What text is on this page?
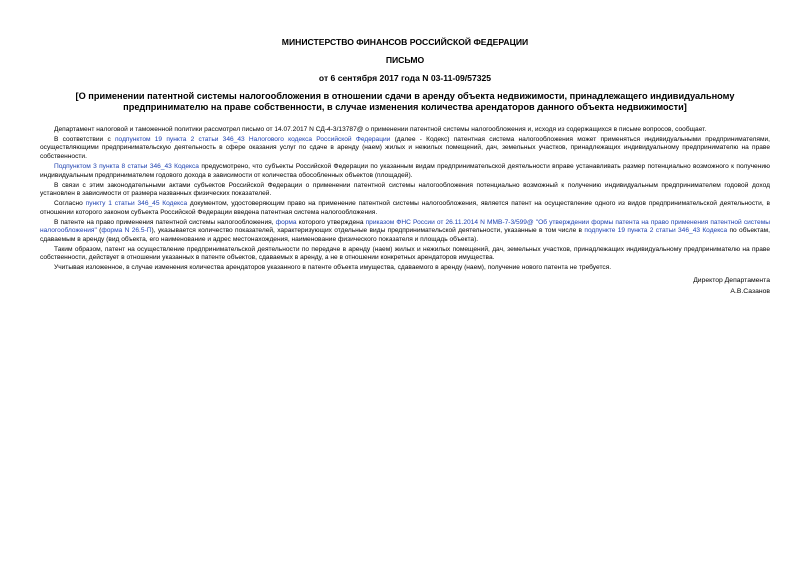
МИНИСТЕРСТВО ФИНАНСОВ РОССИЙСКОЙ ФЕДЕРАЦИИ
ПИСЬМО
от 6 сентября 2017 года N 03-11-09/57325
[О применении патентной системы налогообложения в отношении сдачи в аренду объекта недвижимости, принадлежащего индивидуальному предпринимателю на праве собственности, в случае изменения количества арендаторов данного объекта недвижимости]

Департамент налоговой и таможенной политики рассмотрел письмо от 14.07.2017 N СД-4-3/13787@ о применении патентной системы налогообложения и, исходя из содержащихся в письме вопросов, сообщает.

В соответствии с подпунктом 19 пункта 2 статьи 346_43 Налогового кодекса Российской Федерации (далее - Кодекс) патентная система налогообложения может применяться индивидуальными предпринимателями, осуществляющими предпринимательскую деятельность в сфере оказания услуг по сдаче в аренду (наем) жилых и нежилых помещений, дач, земельных участков, принадлежащих индивидуальному предпринимателю на праве собственности.

Подпунктом 3 пункта 8 статьи 346_43 Кодекса предусмотрено, что субъекты Российской Федерации по указанным видам предпринимательской деятельности вправе устанавливать размер потенциально возможного к получению индивидуальным предпринимателем годового дохода в зависимости от количества обособленных объектов (площадей).

В связи с этим законодательными актами субъектов Российской Федерации о применении патентной системы налогообложения потенциально возможный к получению индивидуальным предпринимателем годовой доход установлен в зависимости от размера названных физических показателей.

Согласно пункту 1 статьи 346_45 Кодекса документом, удостоверяющим право на применение патентной системы налогообложения, является патент на осуществление одного из видов предпринимательской деятельности, в отношении которого законом субъекта Российской Федерации введена патентная система налогообложения.

В патенте на право применения патентной системы налогообложения, форма которого утверждена приказом ФНС России от 26.11.2014 N ММВ-7-3/599@ "Об утверждении формы патента на право применения патентной системы налогообложения" (форма N 26.5-П), указывается количество показателей, характеризующих отдельные виды предпринимательской деятельности, указанные в том числе в подпункте 19 пункта 2 статьи 346_43 Кодекса по объектам, сдаваемым в аренду (вид объекта, его наименование и адрес местонахождения, наименование физического показателя и площадь объекта).

Таким образом, патент на осуществление предпринимательской деятельности по передаче в аренду (наем) жилых и нежилых помещений, дач, земельных участков, принадлежащих индивидуальному предпринимателю на праве собственности, действует в отношении указанных в патенте объектов, сдаваемых в аренду, а не в отношении конкретных арендаторов имущества.

Учитывая изложенное, в случае изменения количества арендаторов указанного в патенте объекта имущества, сдаваемого в аренду (наем), получение нового патента не требуется.

Директор Департамента
А.В.Сазанов
